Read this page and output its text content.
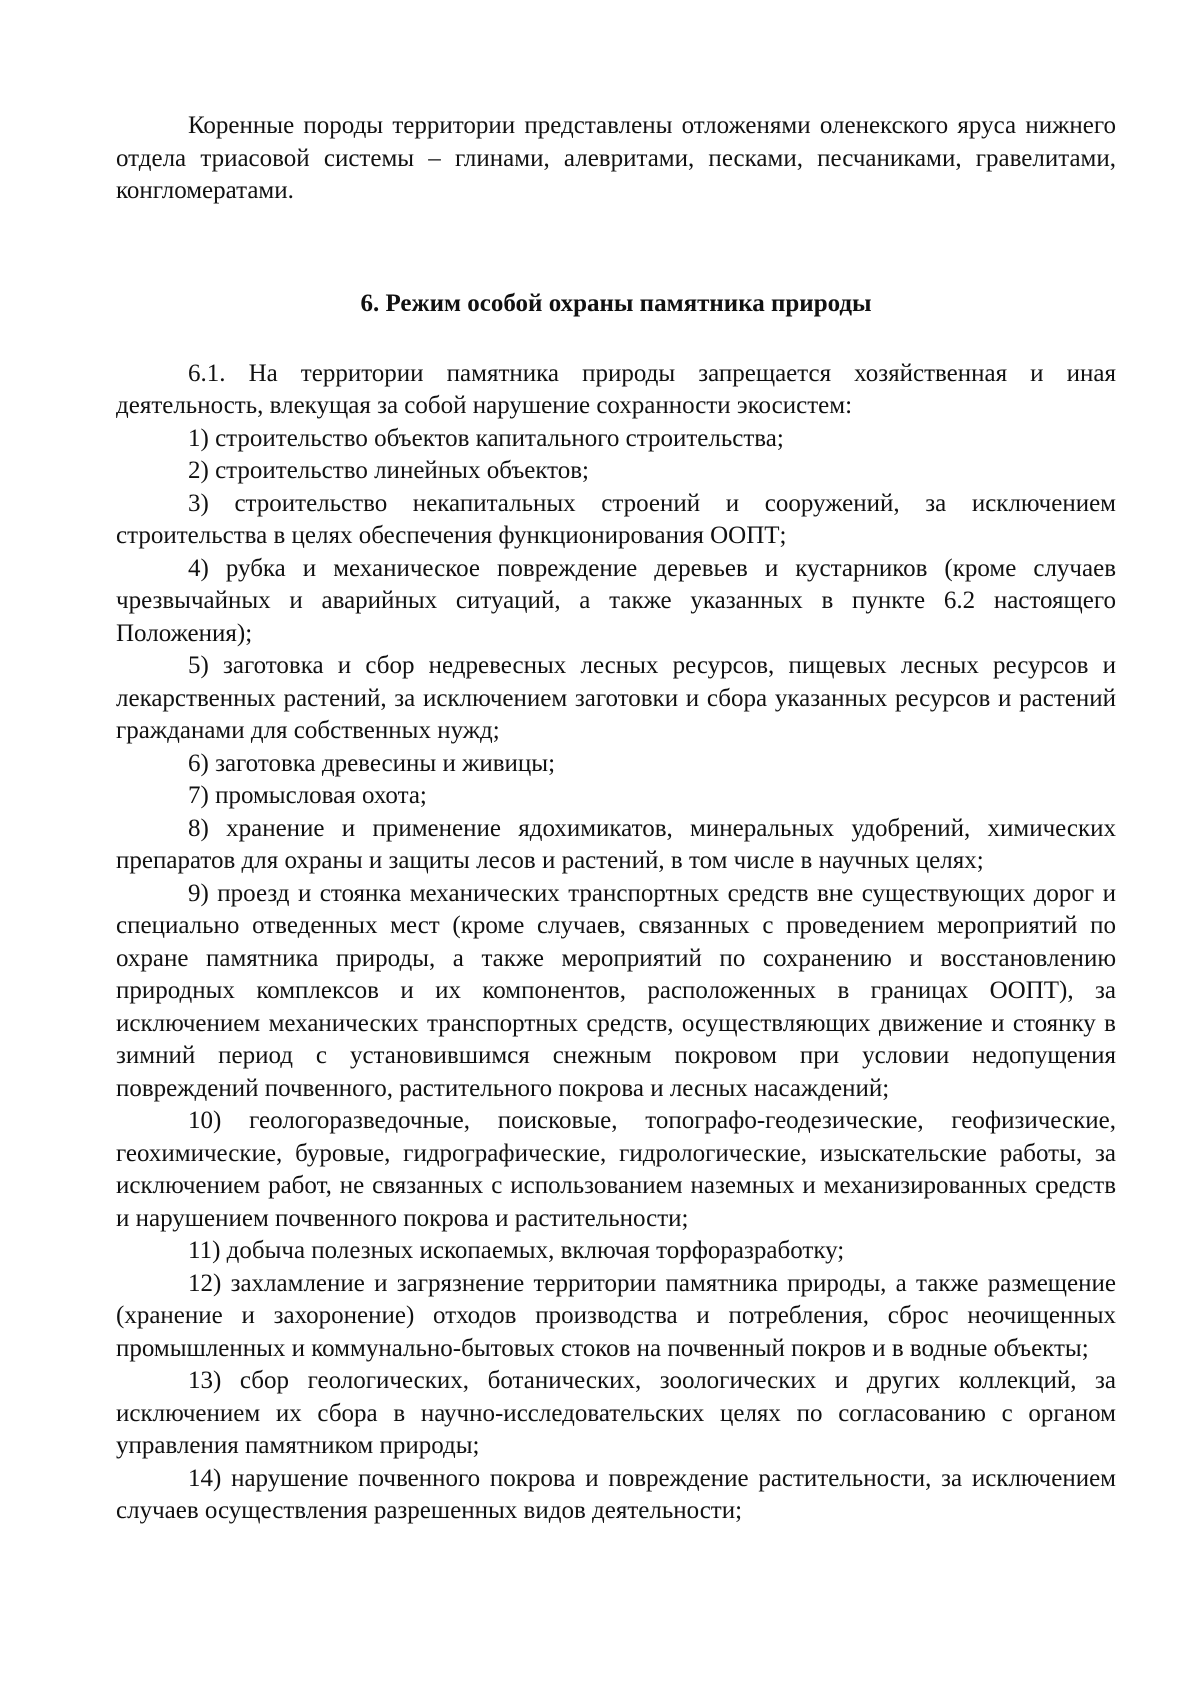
Коренные породы территории представлены отложенями оленекского яруса нижнего отдела триасовой системы – глинами, алевритами, песками, песчаниками, гравелитами, конгломератами.

6. Режим особой охраны памятника природы

6.1. На территории памятника природы запрещается хозяйственная и иная деятельность, влекущая за собой нарушение сохранности экосистем:

1) строительство объектов капитального строительства;

2) строительство линейных объектов;

3) строительство некапитальных строений и сооружений, за исключением строительства в целях обеспечения функционирования ООПТ;

4) рубка и механическое повреждение деревьев и кустарников (кроме случаев чрезвычайных и аварийных ситуаций, а также указанных в пункте 6.2 настоящего Положения);

5) заготовка и сбор недревесных лесных ресурсов, пищевых лесных ресурсов и лекарственных растений, за исключением заготовки и сбора указанных ресурсов и растений гражданами для собственных нужд;

6) заготовка древесины и живицы;

7) промысловая охота;

8) хранение и применение ядохимикатов, минеральных удобрений, химических препаратов для охраны и защиты лесов и растений, в том числе в научных целях;

9) проезд и стоянка механических транспортных средств вне существующих дорог и специально отведенных мест (кроме случаев, связанных с проведением мероприятий по охране памятника природы, а также мероприятий по сохранению и восстановлению природных комплексов и их компонентов, расположенных в границах ООПТ), за исключением механических транспортных средств, осуществляющих движение и стоянку в зимний период с установившимся снежным покровом при условии недопущения повреждений почвенного, растительного покрова и лесных насаждений;

10) геологоразведочные, поисковые, топографо-геодезические, геофизические, геохимические, буровые, гидрографические, гидрологические, изыскательские работы, за исключением работ, не связанных с использованием наземных и механизированных средств и нарушением почвенного покрова и растительности;

11) добыча полезных ископаемых, включая торфоразработку;

12) захламление и загрязнение территории памятника природы, а также размещение (хранение и захоронение) отходов производства и потребления, сброс неочищенных промышленных и коммунально-бытовых стоков на почвенный покров и в водные объекты;

13) сбор геологических, ботанических, зоологических и других коллекций, за исключением их сбора в научно-исследовательских целях по согласованию с органом управления памятником природы;

14) нарушение почвенного покрова и повреждение растительности, за исключением случаев осуществления разрешенных видов деятельности;
